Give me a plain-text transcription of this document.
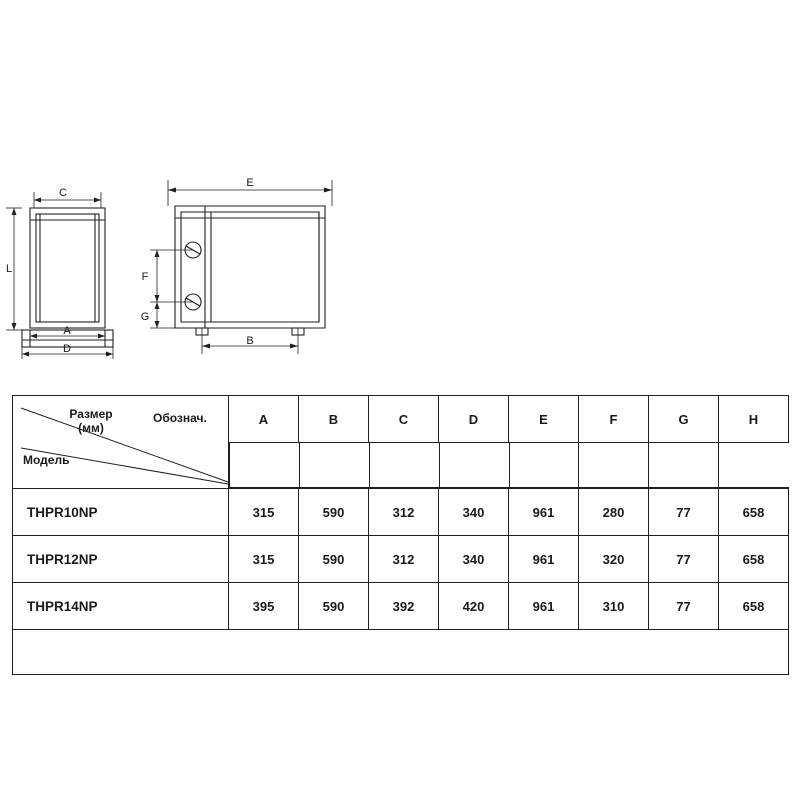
C
L
A
D
E
F
G
B
Размер
(мм)
Обознач.
Модель
	A	B	C	D	E	F	G	H

THPR10NP	315	590	312	340	961	280	77	658
THPR12NP	315	590	312	340	961	320	77	658
THPR14NP	395	590	392	420	961	310	77	658
